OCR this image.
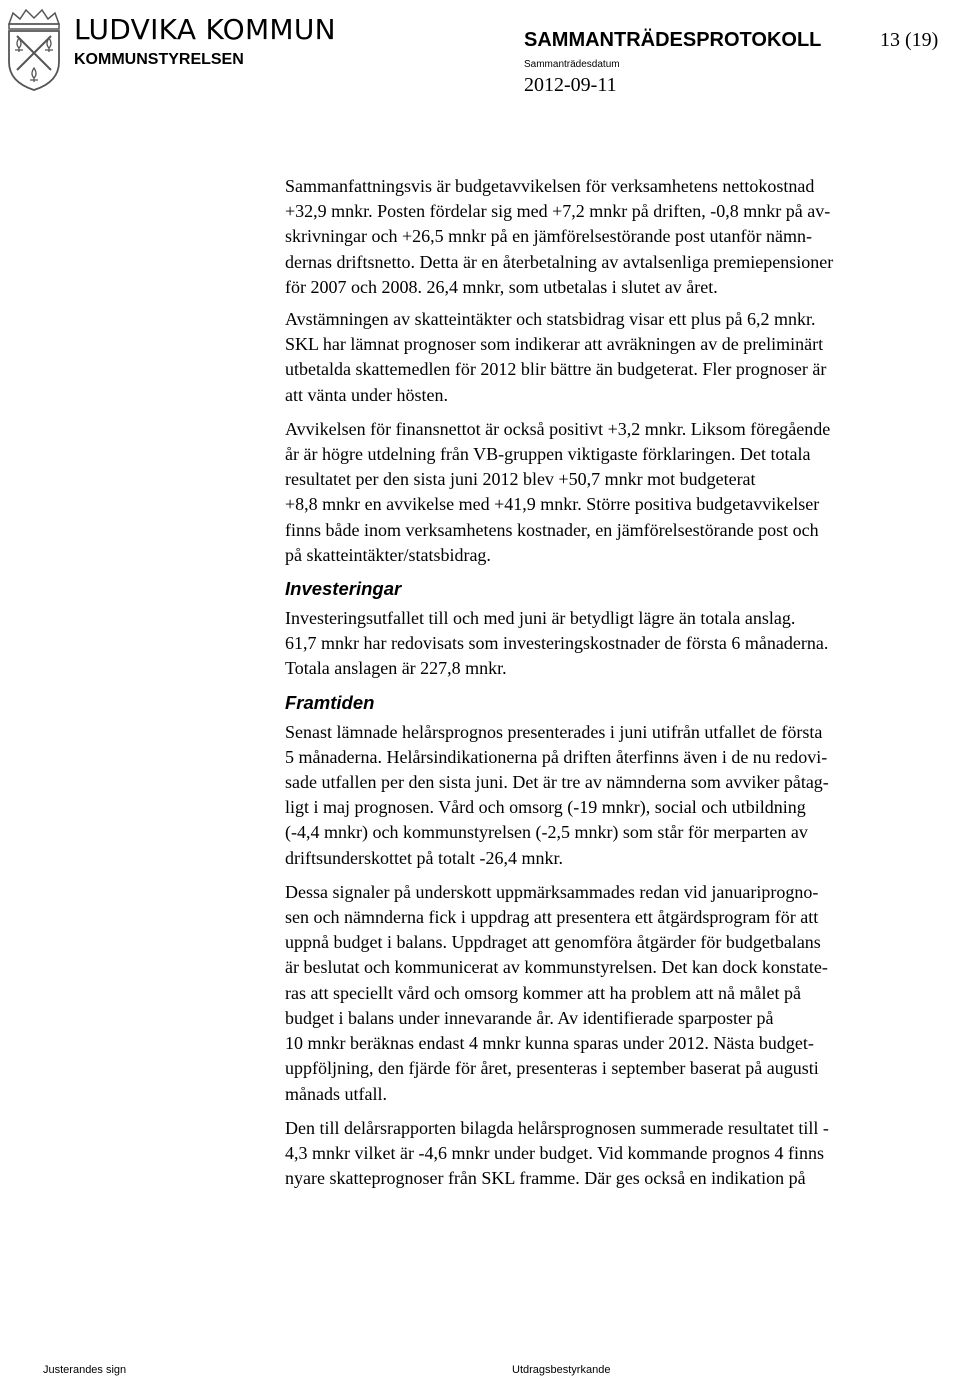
LUDVIKA KOMMUN
KOMMUNSTYRELSEN
SAMMANTRÄDESPROTOKOLL	13 (19)
Sammanträdesdatum
2012-09-11

Sammanfattningsvis är budgetavvikelsen för verksamhetens nettokostnad
+32,9 mnkr. Posten fördelar sig med +7,2 mnkr på driften, -0,8 mnkr på av-
skrivningar och +26,5 mnkr på en jämförelsestörande post utanför nämn-
dernas driftsnetto. Detta är en återbetalning av avtalsenliga premiepensioner
för 2007 och 2008. 26,4 mnkr, som utbetalas i slutet av året.

Avstämningen av skatteintäkter och statsbidrag visar ett plus på 6,2 mnkr.
SKL har lämnat prognoser som indikerar att avräkningen av de preliminärt
utbetalda skattemedlen för 2012 blir bättre än budgeterat. Fler prognoser är
att vänta under hösten.

Avvikelsen för finansnettot är också positivt +3,2 mnkr. Liksom föregående
år är högre utdelning från VB-gruppen viktigaste förklaringen. Det totala
resultatet per den sista juni 2012 blev +50,7 mnkr mot budgeterat
+8,8 mnkr en avvikelse med +41,9 mnkr. Större positiva budgetavvikelser
finns både inom verksamhetens kostnader, en jämförelsestörande post och
på skatteintäkter/statsbidrag.

Investeringar

Investeringsutfallet till och med juni är betydligt lägre än totala anslag.
61,7 mnkr har redovisats som investeringskostnader de första 6 månaderna.
Totala anslagen är 227,8 mnkr.

Framtiden

Senast lämnade helårsprognos presenterades i juni utifrån utfallet de första
5 månaderna. Helårsindikationerna på driften återfinns även i de nu redovi-
sade utfallen per den sista juni. Det är tre av nämnderna som avviker påtag-
ligt i maj prognosen. Vård och omsorg (-19 mnkr), social och utbildning
(-4,4 mnkr) och kommunstyrelsen (-2,5 mnkr) som står för merparten av
driftsunderskottet på totalt -26,4 mnkr.

Dessa signaler på underskott uppmärksammades redan vid januariprogno-
sen och nämnderna fick i uppdrag att presentera ett åtgärdsprogram för att
uppnå budget i balans. Uppdraget att genomföra åtgärder för budgetbalans
är beslutat och kommunicerat av kommunstyrelsen. Det kan dock konstate-
ras att speciellt vård och omsorg kommer att ha problem att nå målet på
budget i balans under innevarande år. Av identifierade sparposter på
10 mnkr beräknas endast 4 mnkr kunna sparas under 2012. Nästa budget-
uppföljning, den fjärde för året, presenteras i september baserat på augusti
månads utfall.

Den till delårsrapporten bilagda helårsprognosen summerade resultatet till -
4,3 mnkr vilket är -4,6 mnkr under budget. Vid kommande prognos 4 finns
nyare skatteprognoser från SKL framme. Där ges också en indikation på

Justerandes sign	Utdragsbestyrkande
